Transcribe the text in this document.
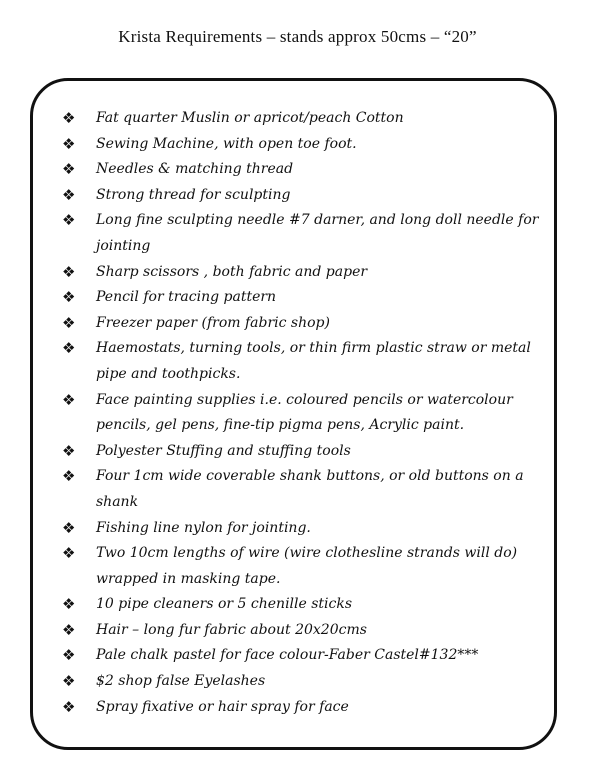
Krista Requirements – stands approx 50cms – “20”
❖	Fat quarter Muslin or apricot/peach Cotton
❖	Sewing Machine, with open toe foot.
❖	Needles & matching thread
❖	Strong thread for sculpting
❖	Long fine sculpting needle #7 darner, and long doll needle for jointing
❖	Sharp scissors , both fabric and paper
❖	Pencil for tracing pattern
❖	Freezer paper (from fabric shop)
❖	Haemostats, turning tools, or thin firm plastic straw or metal pipe and toothpicks.
❖	Face painting supplies i.e. coloured pencils or watercolour pencils, gel pens, fine-tip pigma pens, Acrylic paint.
❖	Polyester Stuffing and stuffing tools
❖	Four 1cm wide coverable shank buttons, or old buttons on a shank
❖	Fishing line nylon for jointing.
❖	Two 10cm lengths of wire (wire clothesline strands will do) wrapped in masking tape.
❖	10 pipe cleaners or 5 chenille sticks
❖	Hair – long fur fabric about 20x20cms
❖	Pale chalk pastel for face colour-Faber Castel#132***
❖	$2 shop false Eyelashes
❖	Spray fixative or hair spray for face
